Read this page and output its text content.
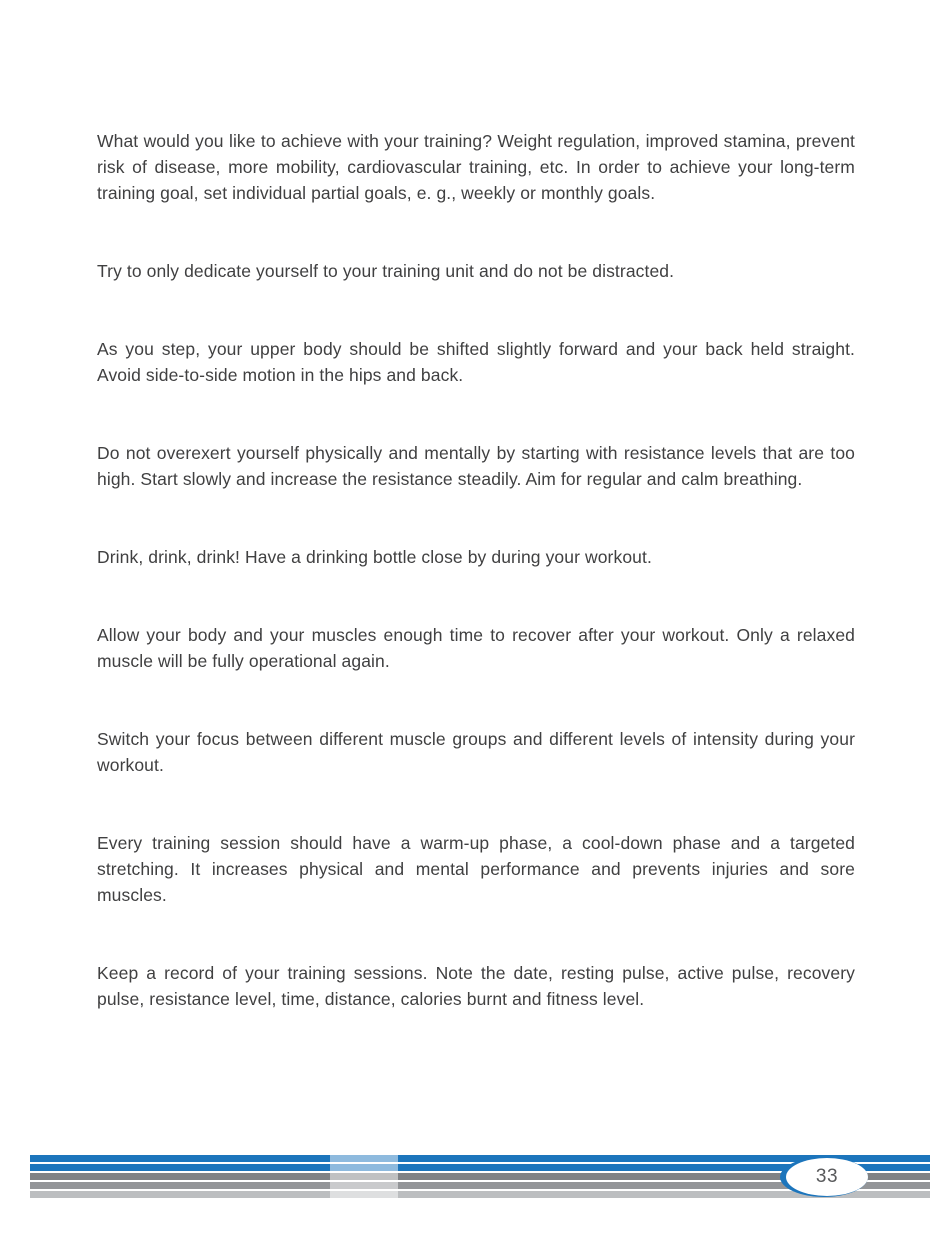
What would you like to achieve with your training? Weight regulation, improved stamina, prevent risk of disease, more mobility, cardiovascular training, etc. In order to achieve your long-term training goal, set individual partial goals, e. g., weekly or monthly goals.

Try to only dedicate yourself to your training unit and do not be distracted.

As you step, your upper body should be shifted slightly forward and your back held straight. Avoid side-to-side motion in the hips and back.

Do not overexert yourself physically and mentally by starting with resistance levels that are too high. Start slowly and increase the resistance steadily. Aim for regular and calm breathing.

Drink, drink, drink! Have a drinking bottle close by during your workout.

Allow your body and your muscles enough time to recover after your workout. Only a relaxed muscle will be fully operational again.

Switch your focus between different muscle groups and different levels of intensity during your workout.

Every training session should have a warm-up phase, a cool-down phase and a targeted stretching. It increases physical and mental performance and prevents injuries and sore muscles.

Keep a record of your training sessions. Note the date, resting pulse, active pulse, recovery pulse, resistance level, time, distance, calories burnt and fitness level.

33
